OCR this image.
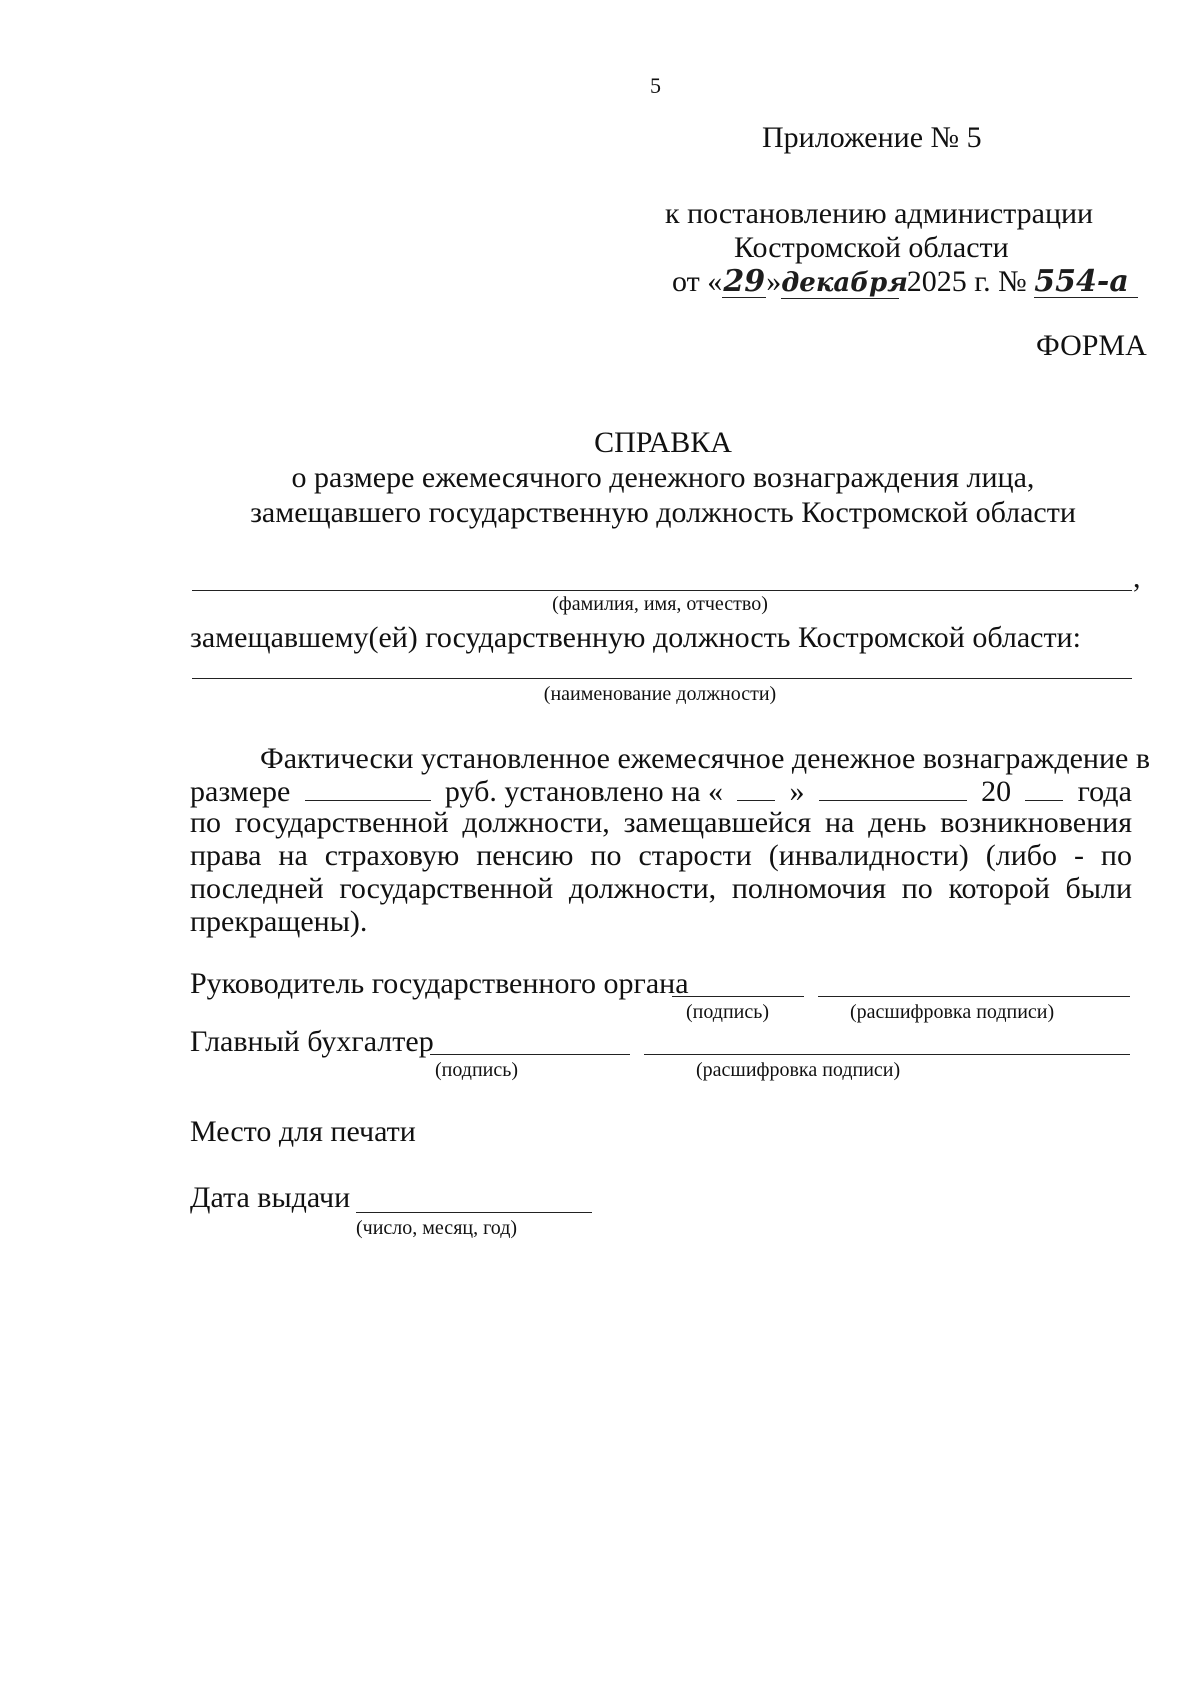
5
Приложение № 5
к постановлению администрации
Костромской области
от «29»декабря 2025 г. № 554-а
ФОРМА
СПРАВКА
о размере ежемесячного денежного вознаграждения лица,
замещавшего государственную должность Костромской области
,
(фамилия, имя, отчество)
замещавшему(ей) государственную должность Костромской области:
(наименование должности)
Фактически установленное ежемесячное денежное вознаграждение в
размере	руб. установлено на « »	20 года
по государственной должности, замещавшейся на день возникновения права на страховую пенсию по старости (инвалидности) (либо - по последней государственной должности, полномочия по которой были прекращены).
Руководитель государственного органа
(подпись)	(расшифровка подписи)
Главный бухгалтер
(подпись)	(расшифровка подписи)
Место для печати
Дата выдачи
(число, месяц, год)
